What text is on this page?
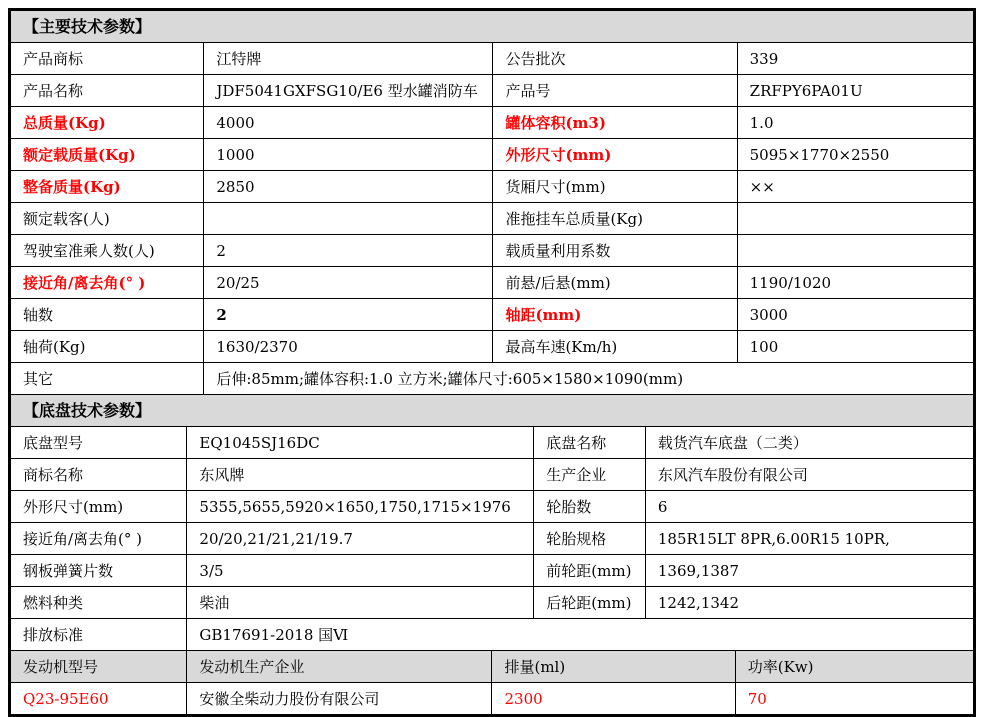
【主要技术参数】			
产品商标	江特牌	公告批次	339
产品名称	JDF5041GXFSG10/E6 型水罐消防车	产品号	ZRFPY6PA01U
总质量(Kg)	4000	罐体容积(m3)	1.0
额定载质量(Kg)	1000	外形尺寸(mm)	5095×1770×2550
整备质量(Kg)	2850	货厢尺寸(mm)	××
额定载客(人)		准拖挂车总质量(Kg)	
驾驶室准乘人数(人)	2	载质量利用系数	
接近角/离去角(° )	20/25	前悬/后悬(mm)	1190/1020
轴数	2	轴距(mm)	3000
轴荷(Kg)	1630/2370	最高车速(Km/h)	100
其它	后伸:85mm;罐体容积:1.0 立方米;罐体尺寸:605×1580×1090(mm)		
【底盘技术参数】			
底盘型号	EQ1045SJ16DC	底盘名称	载货汽车底盘（二类）
商标名称	东风牌	生产企业	东风汽车股份有限公司
外形尺寸(mm)	5355,5655,5920×1650,1750,1715×1976	轮胎数	6
接近角/离去角(° )	20/20,21/21,21/19.7	轮胎规格	185R15LT 8PR,6.00R15 10PR,
钢板弹簧片数	3/5	前轮距(mm)	1369,1387
燃料种类	柴油	后轮距(mm)	1242,1342
排放标准	GB17691-2018 国Ⅵ		
发动机型号	发动机生产企业	排量(ml)	功率(Kw)
Q23-95E60	安徽全柴动力股份有限公司	2300	70
